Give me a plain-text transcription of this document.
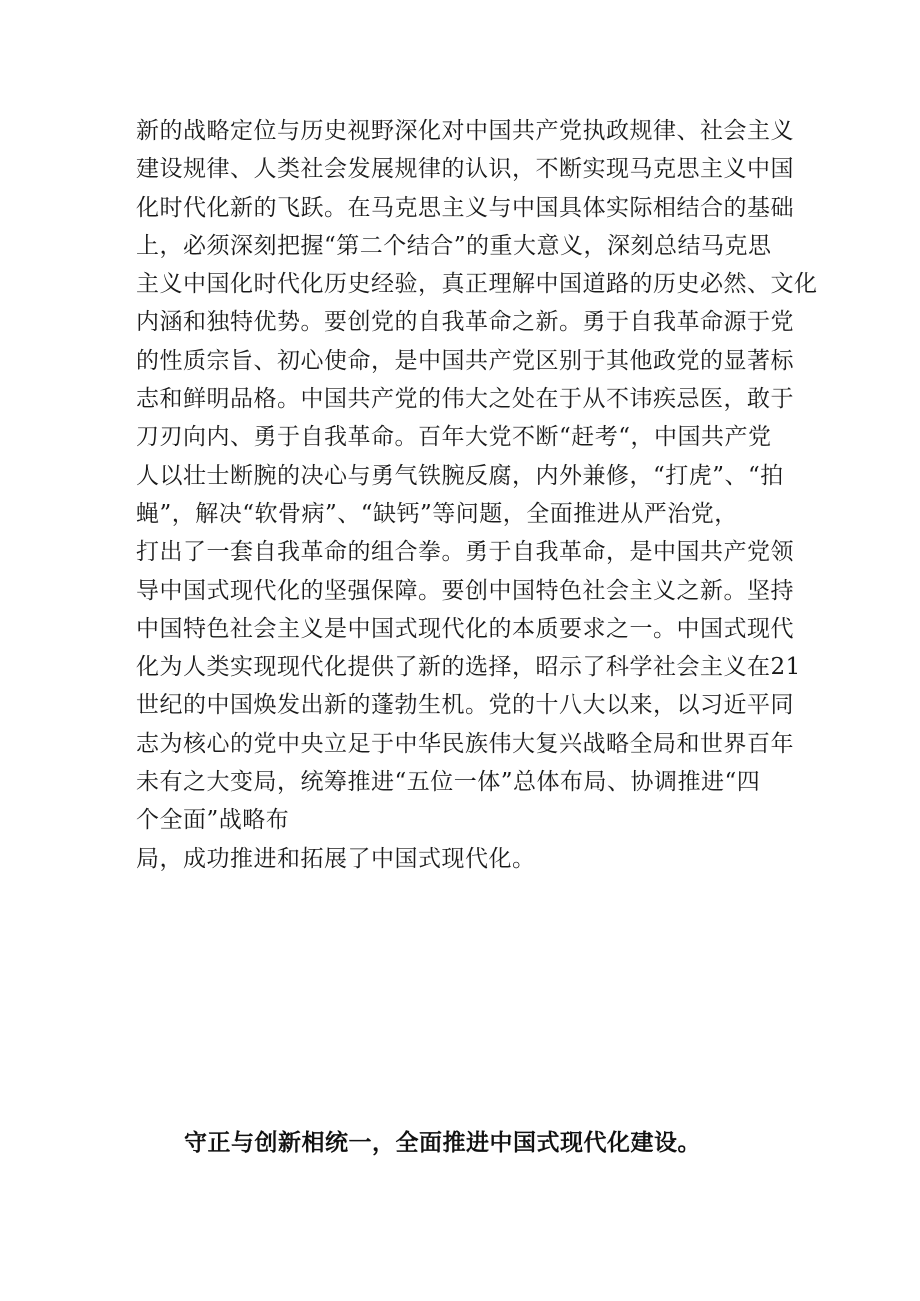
新的战略定位与历史视野深化对中国共产党执政规律、社会主义
建设规律、人类社会发展规律的认识，不断实现马克思主义中国
化时代化新的飞跃。在马克思主义与中国具体实际相结合的基础
上，必须深刻把握“第二个结合”的重大意义，深刻总结马克思
主义中国化时代化历史经验，真正理解中国道路的历史必然、文化
内涵和独特优势。要创党的自我革命之新。勇于自我革命源于党
的性质宗旨、初心使命，是中国共产党区别于其他政党的显著标
志和鲜明品格。中国共产党的伟大之处在于从不讳疾忌医，敢于
刀刃向内、勇于自我革命。百年大党不断“赶考“，中国共产党
人以壮士断腕的决心与勇气铁腕反腐，内外兼修，“打虎”、“拍
蝇”，解决“软骨病”、“缺钙”等问题，全面推进从严治党，
打出了一套自我革命的组合拳。勇于自我革命，是中国共产党领
导中国式现代化的坚强保障。要创中国特色社会主义之新。坚持
中国特色社会主义是中国式现代化的本质要求之一。中国式现代
化为人类实现现代化提供了新的选择，昭示了科学社会主义在21
世纪的中国焕发出新的蓬勃生机。党的十八大以来，以习近平同
志为核心的党中央立足于中华民族伟大复兴战略全局和世界百年
未有之大变局，统筹推进“五位一体”总体布局、协调推进“四
个全面”战略布
局，成功推进和拓展了中国式现代化。
守正与创新相统一，全面推进中国式现代化建设。
